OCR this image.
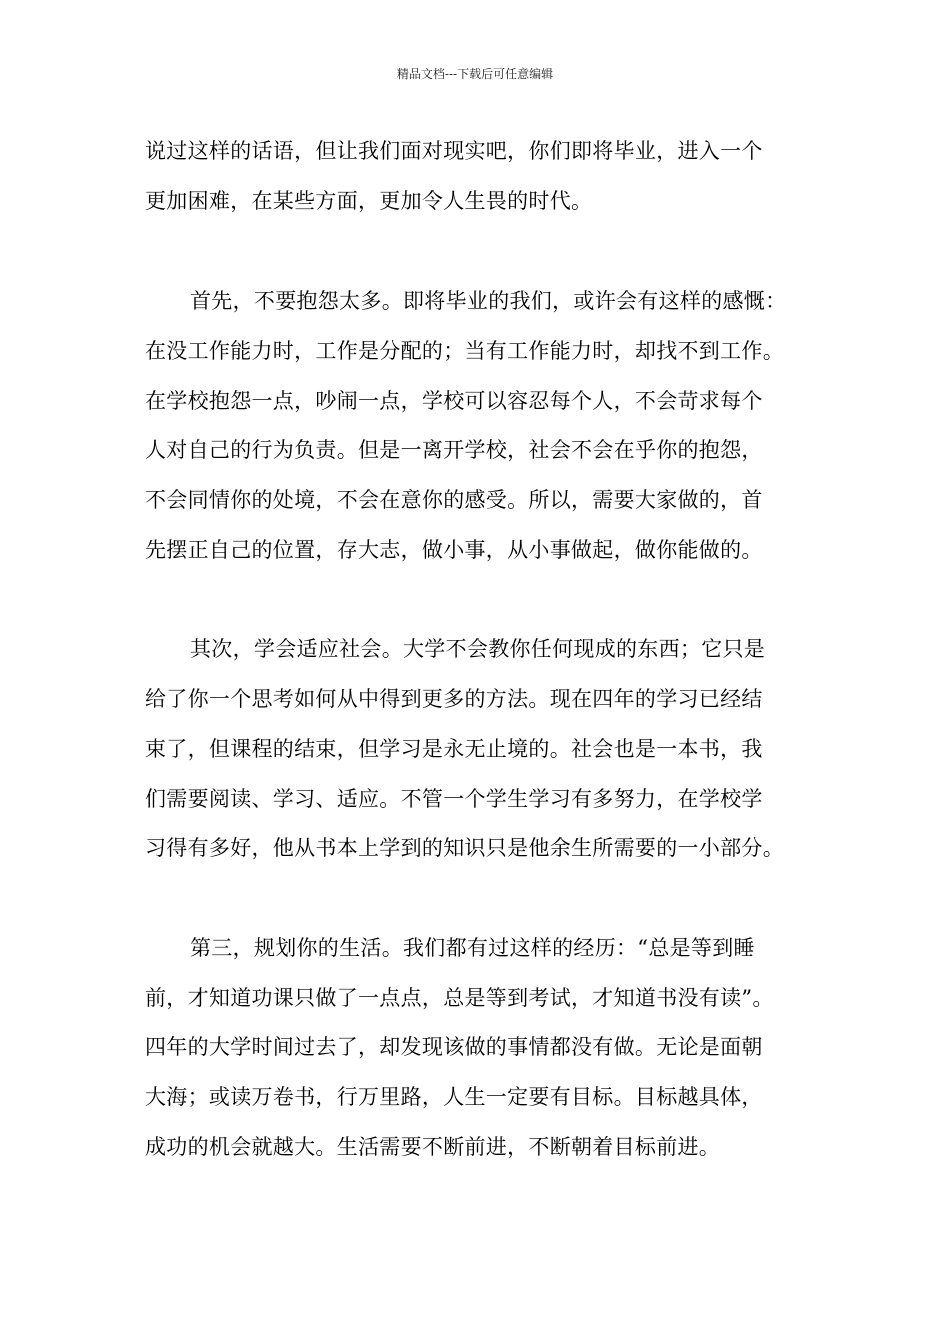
精品文档---下载后可任意编辑
说过这样的话语，但让我们面对现实吧，你们即将毕业，进入一个
更加困难，在某些方面，更加令人生畏的时代。
首先，不要抱怨太多。即将毕业的我们，或许会有这样的感慨：
在没工作能力时，工作是分配的；当有工作能力时，却找不到工作。
在学校抱怨一点，吵闹一点，学校可以容忍每个人，不会苛求每个
人对自己的行为负责。但是一离开学校，社会不会在乎你的抱怨，
不会同情你的处境，不会在意你的感受。所以，需要大家做的，首
先摆正自己的位置，存大志，做小事，从小事做起，做你能做的。
其次，学会适应社会。大学不会教你任何现成的东西；它只是
给了你一个思考如何从中得到更多的方法。现在四年的学习已经结
束了，但课程的结束，但学习是永无止境的。社会也是一本书，我
们需要阅读、学习、适应。不管一个学生学习有多努力，在学校学
习得有多好，他从书本上学到的知识只是他余生所需要的一小部分。
第三，规划你的生活。我们都有过这样的经历：“总是等到睡
前，才知道功课只做了一点点，总是等到考试，才知道书没有读”。
四年的大学时间过去了，却发现该做的事情都没有做。无论是面朝
大海；或读万卷书，行万里路，人生一定要有目标。目标越具体，
成功的机会就越大。生活需要不断前进，不断朝着目标前进。
